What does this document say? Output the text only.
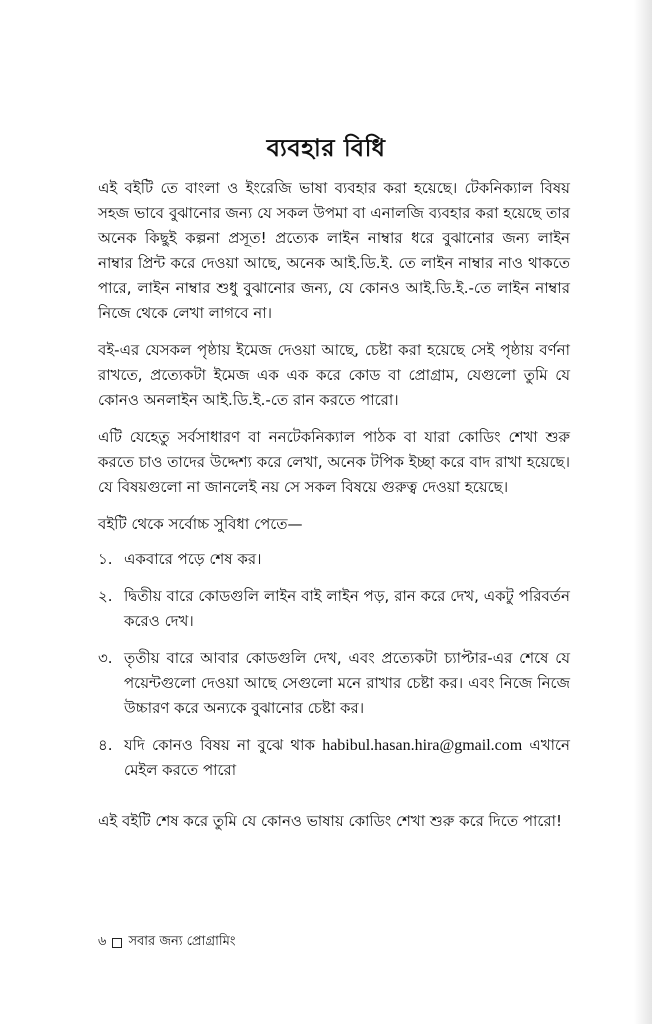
ব্যবহার বিধি

এই বইটি তে বাংলা ও ইংরেজি ভাষা ব্যবহার করা হয়েছে। টেকনিক্যাল বিষয় সহজ ভাবে বুঝানোর জন্য যে সকল উপমা বা এনালজি ব্যবহার করা হয়েছে তার অনেক কিছুই কল্পনা প্রসূত! প্রত্যেক লাইন নাম্বার ধরে বুঝানোর জন্য লাইন নাম্বার প্রিন্ট করে দেওয়া আছে, অনেক আই.ডি.ই. তে লাইন নাম্বার নাও থাকতে পারে, লাইন নাম্বার শুধু বুঝানোর জন্য, যে কোনও আই.ডি.ই.-তে লাইন নাম্বার নিজে থেকে লেখা লাগবে না।

বই-এর যেসকল পৃষ্ঠায় ইমেজ দেওয়া আছে, চেষ্টা করা হয়েছে সেই পৃষ্ঠায় বর্ণনা রাখতে, প্রত্যেকটা ইমেজ এক এক করে কোড বা প্রোগ্রাম, যেগুলো তুমি যে কোনও অনলাইন আই.ডি.ই.-তে রান করতে পারো।

এটি যেহেতু সর্বসাধারণ বা ননটেকনিক্যাল পাঠক বা যারা কোডিং শেখা শুরু করতে চাও তাদের উদ্দেশ্য করে লেখা, অনেক টপিক ইচ্ছা করে বাদ রাখা হয়েছে। যে বিষয়গুলো না জানলেই নয় সে সকল বিষয়ে গুরুত্ব দেওয়া হয়েছে।

বইটি থেকে সর্বোচ্চ সুবিধা পেতে—

১. একবারে পড়ে শেষ কর।
২. দ্বিতীয় বারে কোডগুলি লাইন বাই লাইন পড়, রান করে দেখ, একটু পরিবর্তন করেও দেখ।
৩. তৃতীয় বারে আবার কোডগুলি দেখ, এবং প্রত্যেকটা চ্যাপ্টার-এর শেষে যে পয়েন্টগুলো দেওয়া আছে সেগুলো মনে রাখার চেষ্টা কর। এবং নিজে নিজে উচ্চারণ করে অন্যকে বুঝানোর চেষ্টা কর।
৪. যদি কোনও বিষয় না বুঝে থাক habibul.hasan.hira@gmail.com এখানে মেইল করতে পারো

এই বইটি শেষ করে তুমি যে কোনও ভাষায় কোডিং শেখা শুরু করে দিতে পারো!

৬ সবার জন্য প্রোগ্রামিং
